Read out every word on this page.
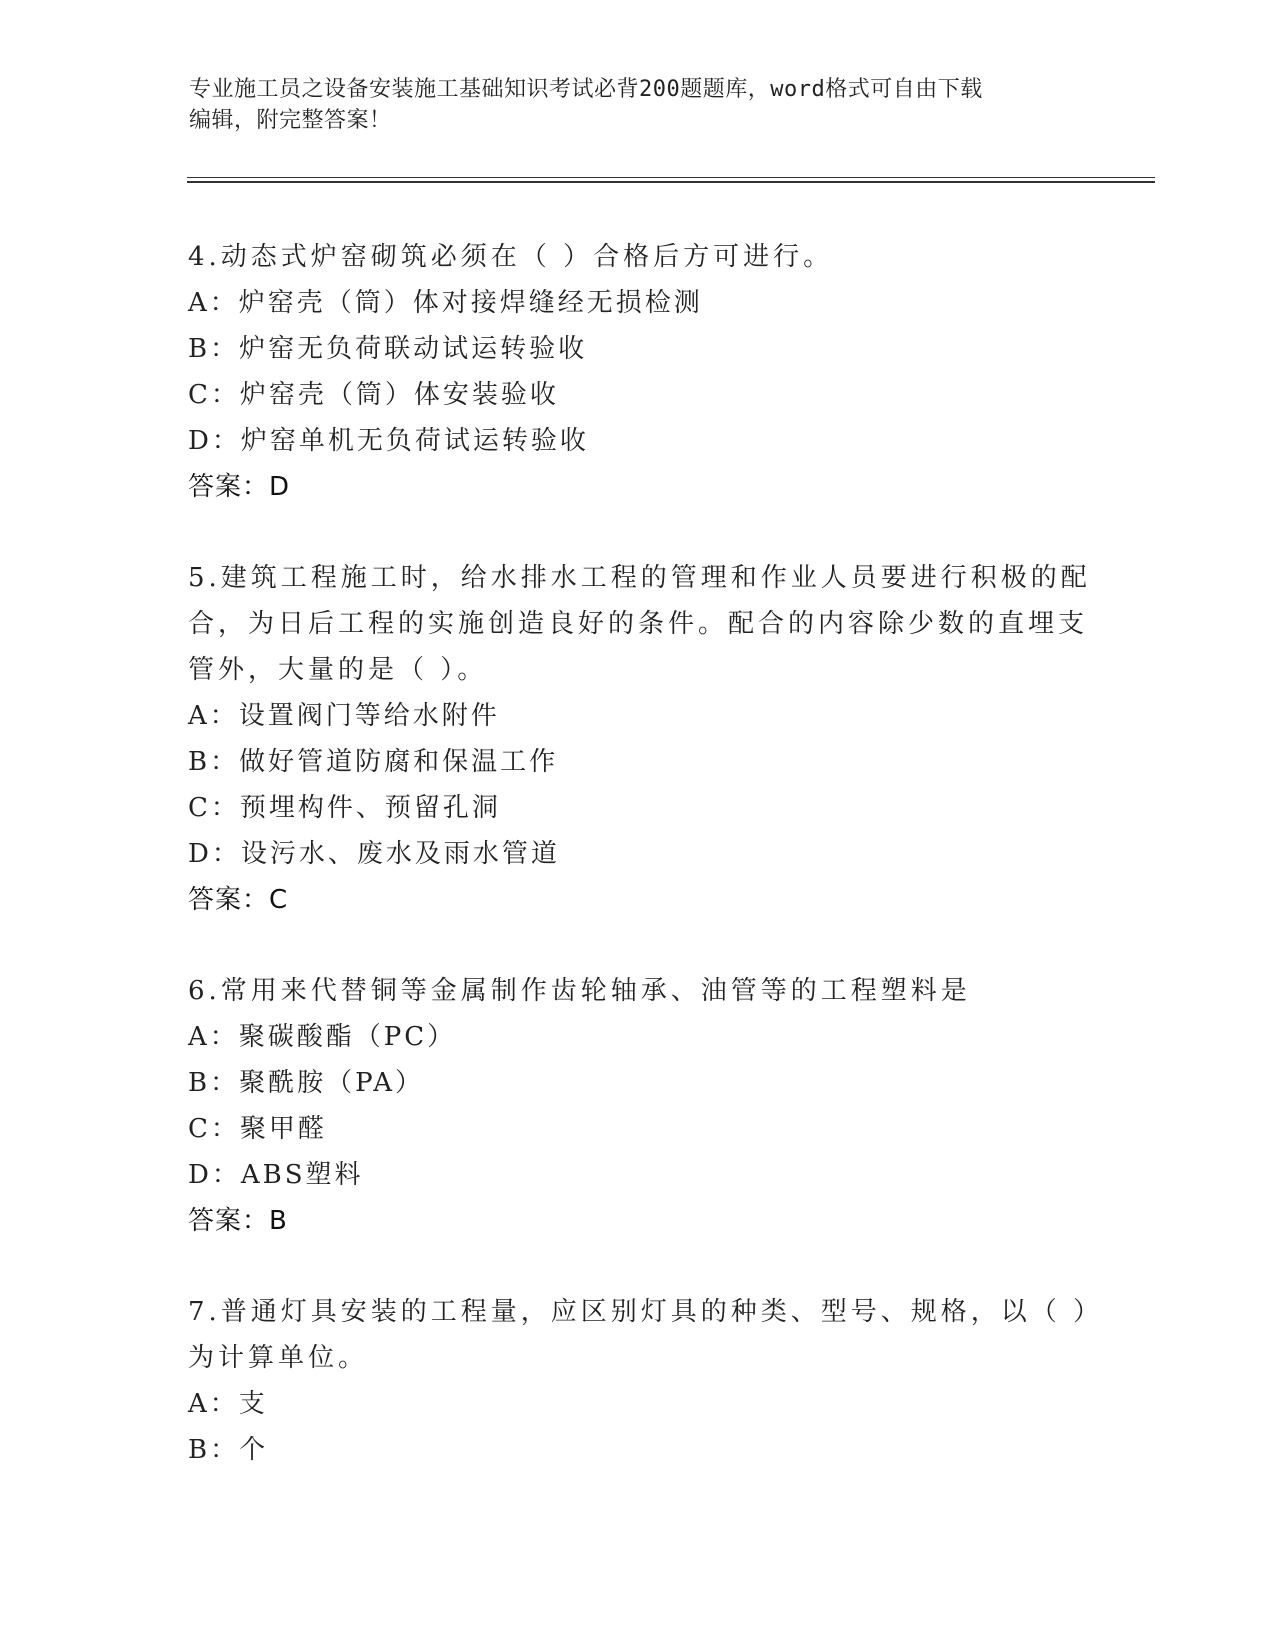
专业施工员之设备安装施工基础知识考试必背200题题库，word格式可自由下载
编辑，附完整答案！
4.动态式炉窑砌筑必须在（ ）合格后方可进行。
A：炉窑壳（筒）体对接焊缝经无损检测
B：炉窑无负荷联动试运转验收
C：炉窑壳（筒）体安装验收
D：炉窑单机无负荷试运转验收
答案：D
5.建筑工程施工时，给水排水工程的管理和作业人员要进行积极的配
合，为日后工程的实施创造良好的条件。配合的内容除少数的直埋支
管外，大量的是（ ）。
A：设置阀门等给水附件
B：做好管道防腐和保温工作
C：预埋构件、预留孔洞
D：设污水、废水及雨水管道
答案：C
6.常用来代替铜等金属制作齿轮轴承、油管等的工程塑料是
A：聚碳酸酯（PC）
B：聚酰胺（PA）
C：聚甲醛
D：ABS塑料
答案：B
7.普通灯具安装的工程量，应区别灯具的种类、型号、规格，以（ ）
为计算单位。
A：支
B：个
